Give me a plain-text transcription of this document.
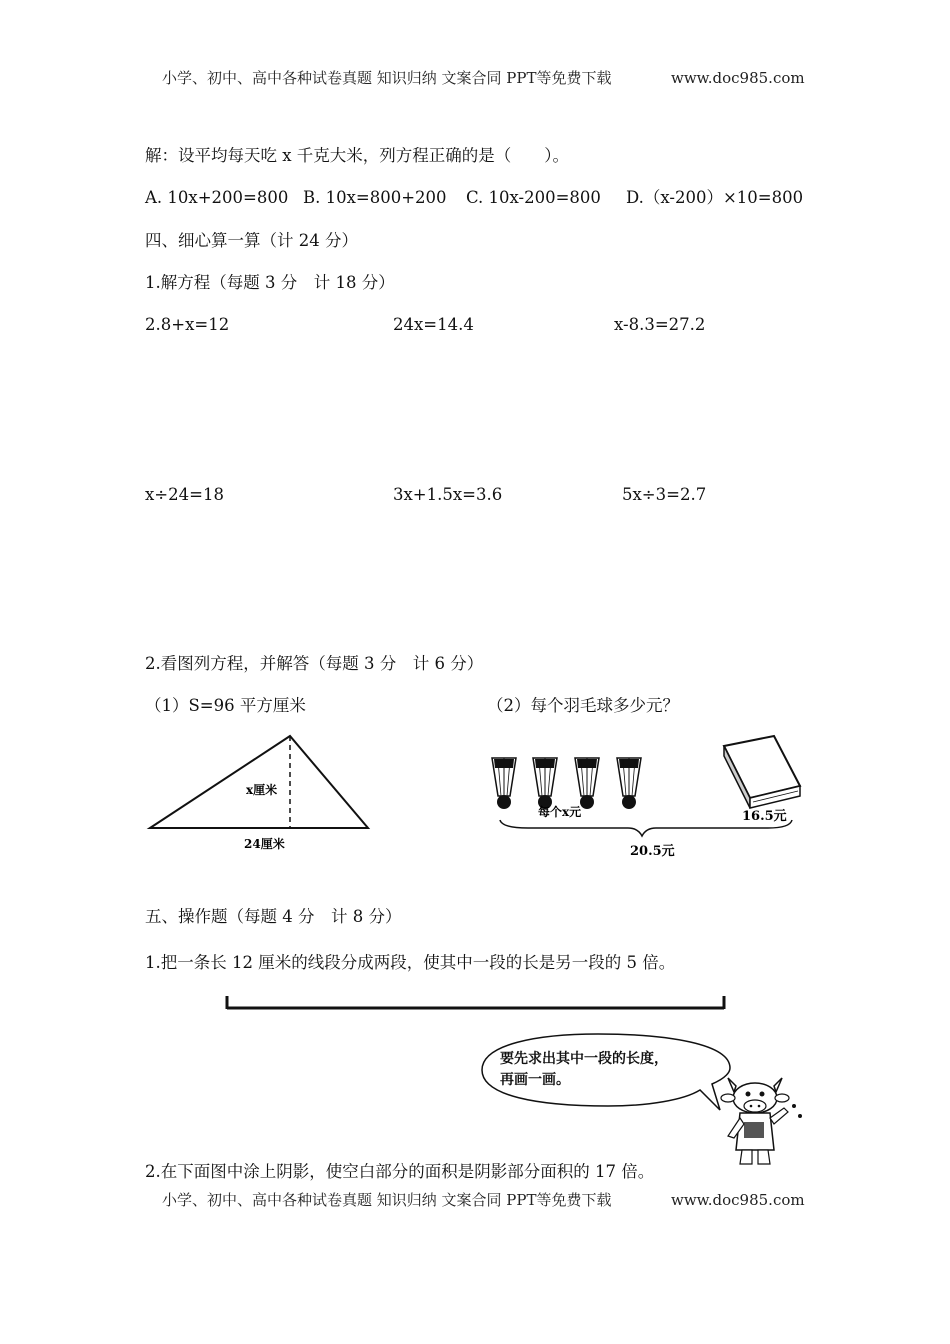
小学、初中、高中各种试卷真题 知识归纳 文案合同 PPT等免费下载	www.doc985.com
解：设平均每天吃 x 千克大米，列方程正确的是（　　）。
A. 10x+200=800 B. 10x=800+200 C. 10x-200=800 D.（x-200）×10=800
四、细心算一算（计 24 分）
1.解方程（每题 3 分　计 18 分）
2.8+x=12	24x=14.4	x-8.3=27.2
x÷24=18	3x+1.5x=3.6	5x÷3=2.7
2.看图列方程，并解答（每题 3 分　计 6 分）
（1）S=96 平方厘米	（2）每个羽毛球多少元？
x厘米
24厘米
每个x元	16.5元
20.5元
五、操作题（每题 4 分　计 8 分）
1.把一条长 12 厘米的线段分成两段，使其中一段的长是另一段的 5 倍。
要先求出其中一段的长度，
再画一画。
2.在下面图中涂上阴影，使空白部分的面积是阴影部分面积的 17 倍。
小学、初中、高中各种试卷真题 知识归纳 文案合同 PPT等免费下载	www.doc985.com
